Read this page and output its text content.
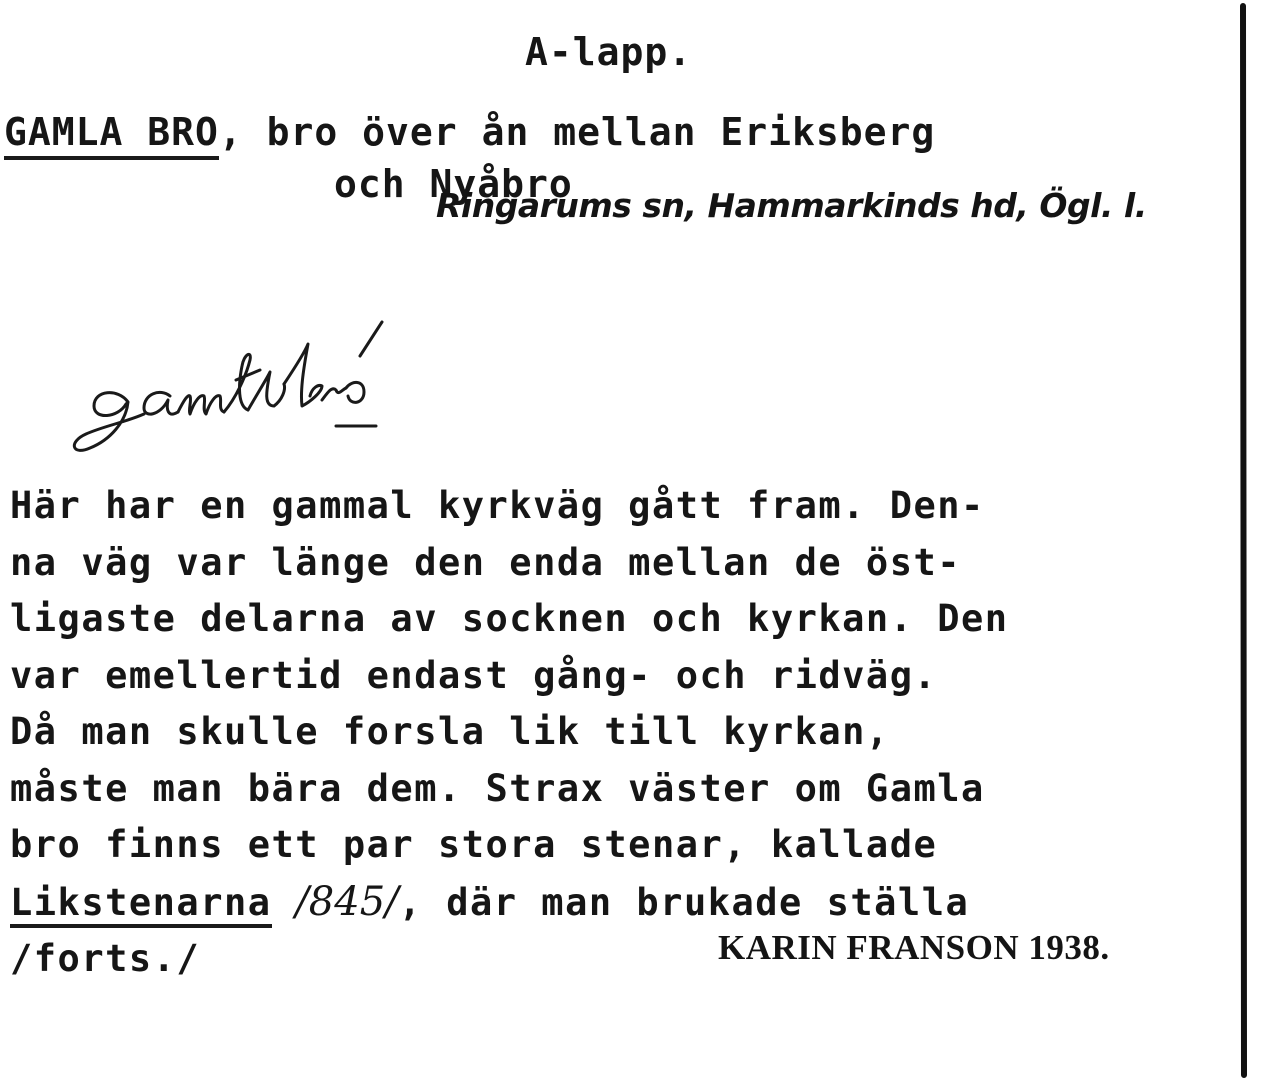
A-lapp.
GAMLA BRO, bro över ån mellan Eriksberg
och Nyåbro
Ringarums sn, Hammarkinds hd, Ögl. l.
Här har en gammal kyrkväg gått fram. Den-
na väg var länge den enda mellan de öst-
ligaste delarna av socknen och kyrkan. Den
var emellertid endast gång- och ridväg.
Då man skulle forsla lik till kyrkan,
måste man bära dem. Strax väster om Gamla
bro finns ett par stora stenar, kallade
Likstenarna /845/, där man brukade ställa
/forts./	KARIN FRANSON 1938.
